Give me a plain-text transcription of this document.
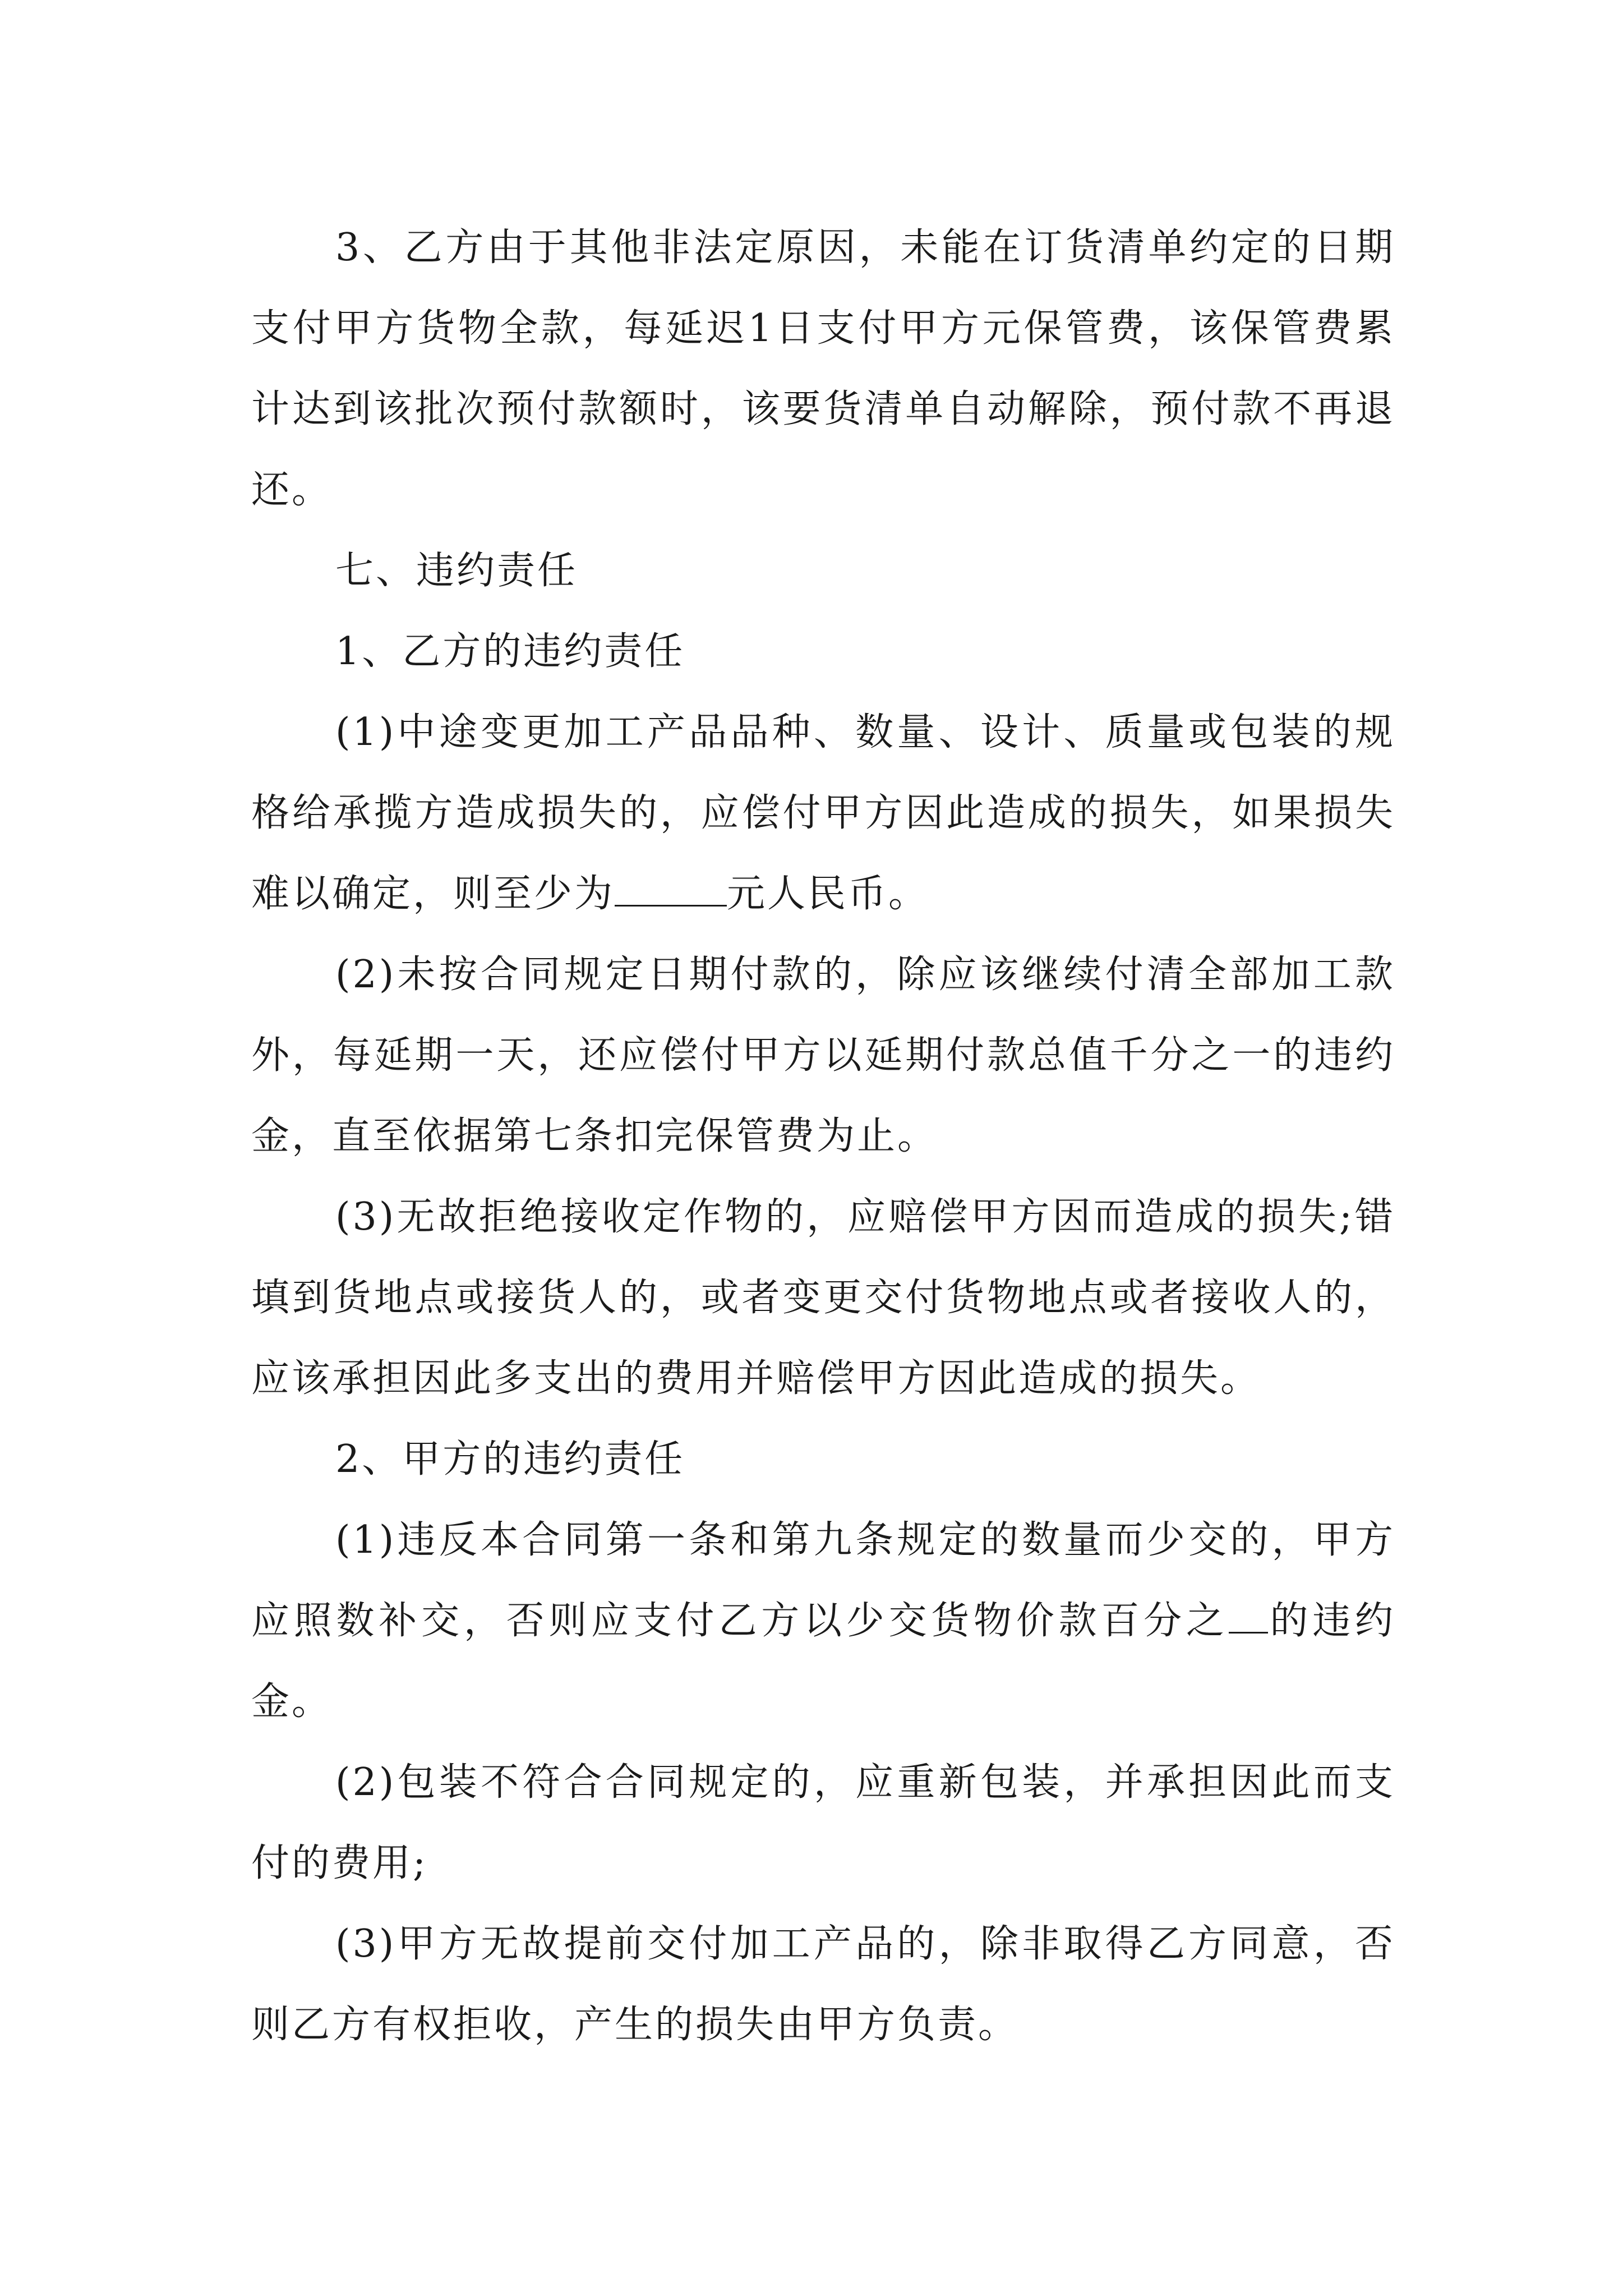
3、乙方由于其他非法定原因，未能在订货清单约定的日期支付甲方货物全款，每延迟1日支付甲方元保管费，该保管费累计达到该批次预付款额时，该要货清单自动解除，预付款不再退还。

七、违约责任

1、乙方的违约责任

(1)中途变更加工产品品种、数量、设计、质量或包装的规格给承揽方造成损失的，应偿付甲方因此造成的损失，如果损失难以确定，则至少为	元人民币。

(2)未按合同规定日期付款的，除应该继续付清全部加工款外，每延期一天，还应偿付甲方以延期付款总值千分之一的违约金，直至依据第七条扣完保管费为止。

(3)无故拒绝接收定作物的，应赔偿甲方因而造成的损失;错填到货地点或接货人的，或者变更交付货物地点或者接收人的，应该承担因此多支出的费用并赔偿甲方因此造成的损失。

2、甲方的违约责任

(1)违反本合同第一条和第九条规定的数量而少交的，甲方应照数补交，否则应支付乙方以少交货物价款百分之 的违约金。

(2)包装不符合合同规定的，应重新包装，并承担因此而支付的费用;

(3)甲方无故提前交付加工产品的，除非取得乙方同意，否则乙方有权拒收，产生的损失由甲方负责。
